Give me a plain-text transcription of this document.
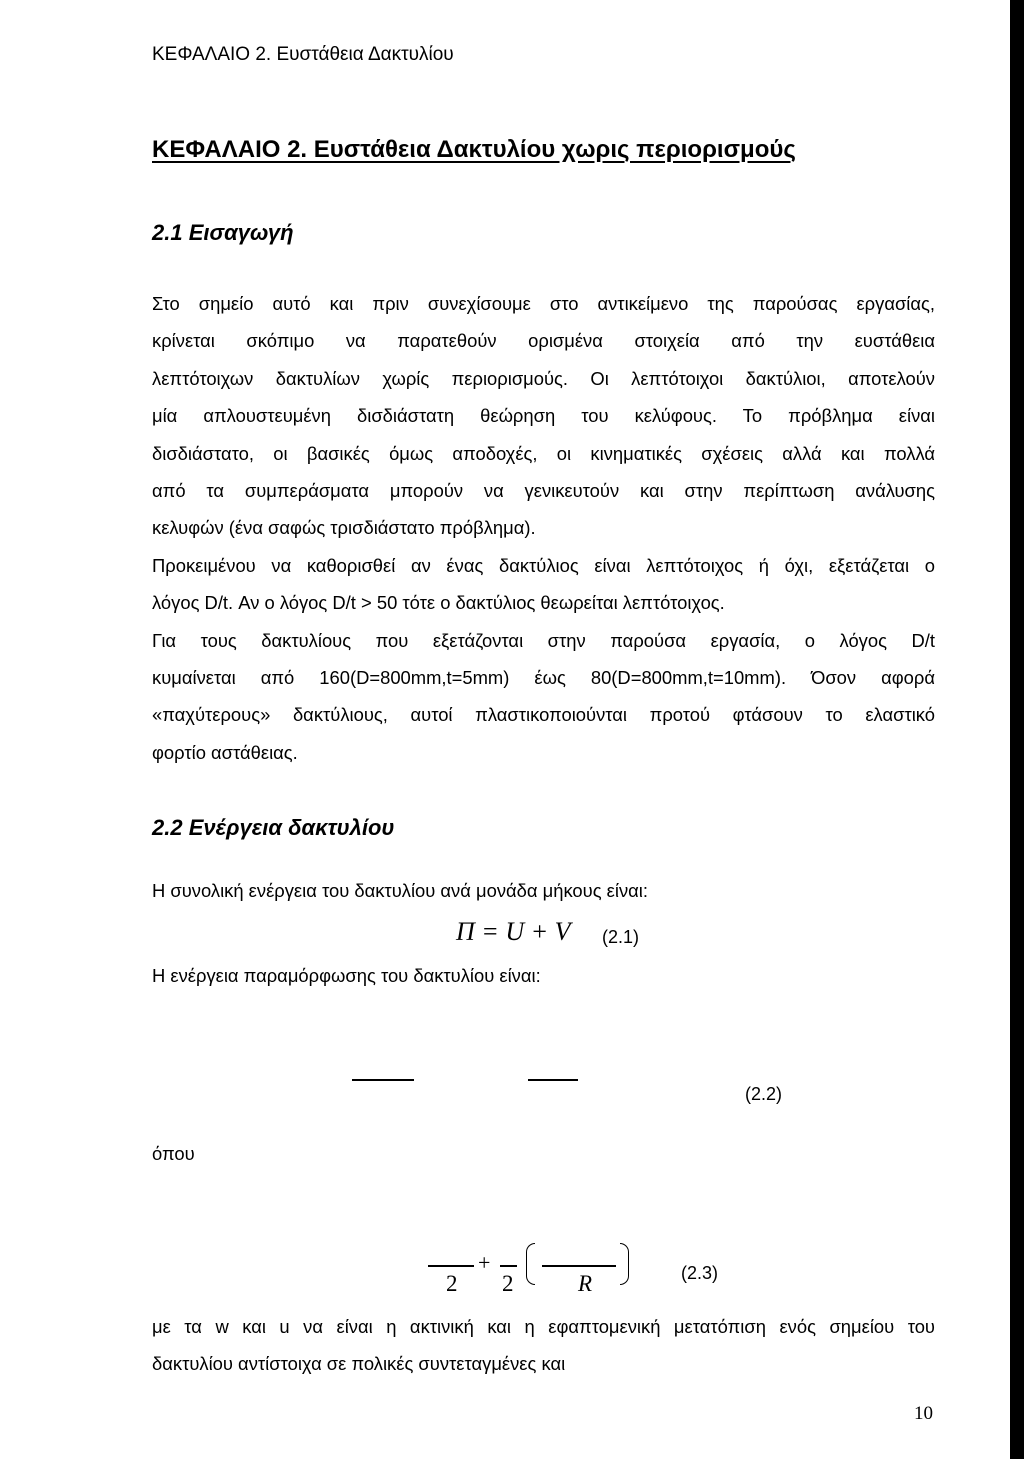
ΚΕΦΑΛΑΙΟ 2. Ευστάθεια Δακτυλίου
ΚΕΦΑΛΑΙΟ 2. Ευστάθεια Δακτυλίου χωρις περιορισμούς
2.1 Εισαγωγή
Στο σημείο αυτό και πριν συνεχίσουμε στο αντικείμενο της παρούσας εργασίας,
κρίνεται σκόπιμο να παρατεθούν ορισμένα στοιχεία από την ευστάθεια
λεπτότοιχων δακτυλίων χωρίς περιορισμούς. Οι λεπτότοιχοι δακτύλιοι, αποτελούν
μία απλουστευμένη δισδιάστατη θεώρηση του κελύφους. Το πρόβλημα είναι
δισδιάστατο, οι βασικές όμως αποδοχές, οι κινηματικές σχέσεις αλλά και πολλά
από τα συμπεράσματα μπορούν να γενικευτούν και στην περίπτωση ανάλυσης
κελυφών (ένα σαφώς τρισδιάστατο πρόβλημα).
Προκειμένου να καθορισθεί αν ένας δακτύλιος είναι λεπτότοιχος ή όχι, εξετάζεται ο
λόγος D/t. Αν ο λόγος D/t > 50 τότε ο δακτύλιος θεωρείται λεπτότοιχος.
Για τους δακτυλίους που εξετάζονται στην παρούσα εργασία, ο λόγος D/t
κυμαίνεται από 160(D=800mm,t=5mm) έως 80(D=800mm,t=10mm). Όσον αφορά
«παχύτερους» δακτύλιους, αυτοί πλαστικοποιούνται προτού φτάσουν το ελαστικό
φορτίο αστάθειας.
2.2 Ενέργεια δακτυλίου
Η συνολική ενέργεια του δακτυλίου ανά μονάδα μήκους είναι:
Π = U + V (2.1)
Η ενέργεια παραμόρφωσης του δακτυλίου είναι:
(2.2)
όπου
2
+
2	R	(2.3)
με τα w και u να είναι η ακτινική και η εφαπτομενική μετατόπιση ενός σημείου του
δακτυλίου αντίστοιχα σε πολικές συντεταγμένες και
10
